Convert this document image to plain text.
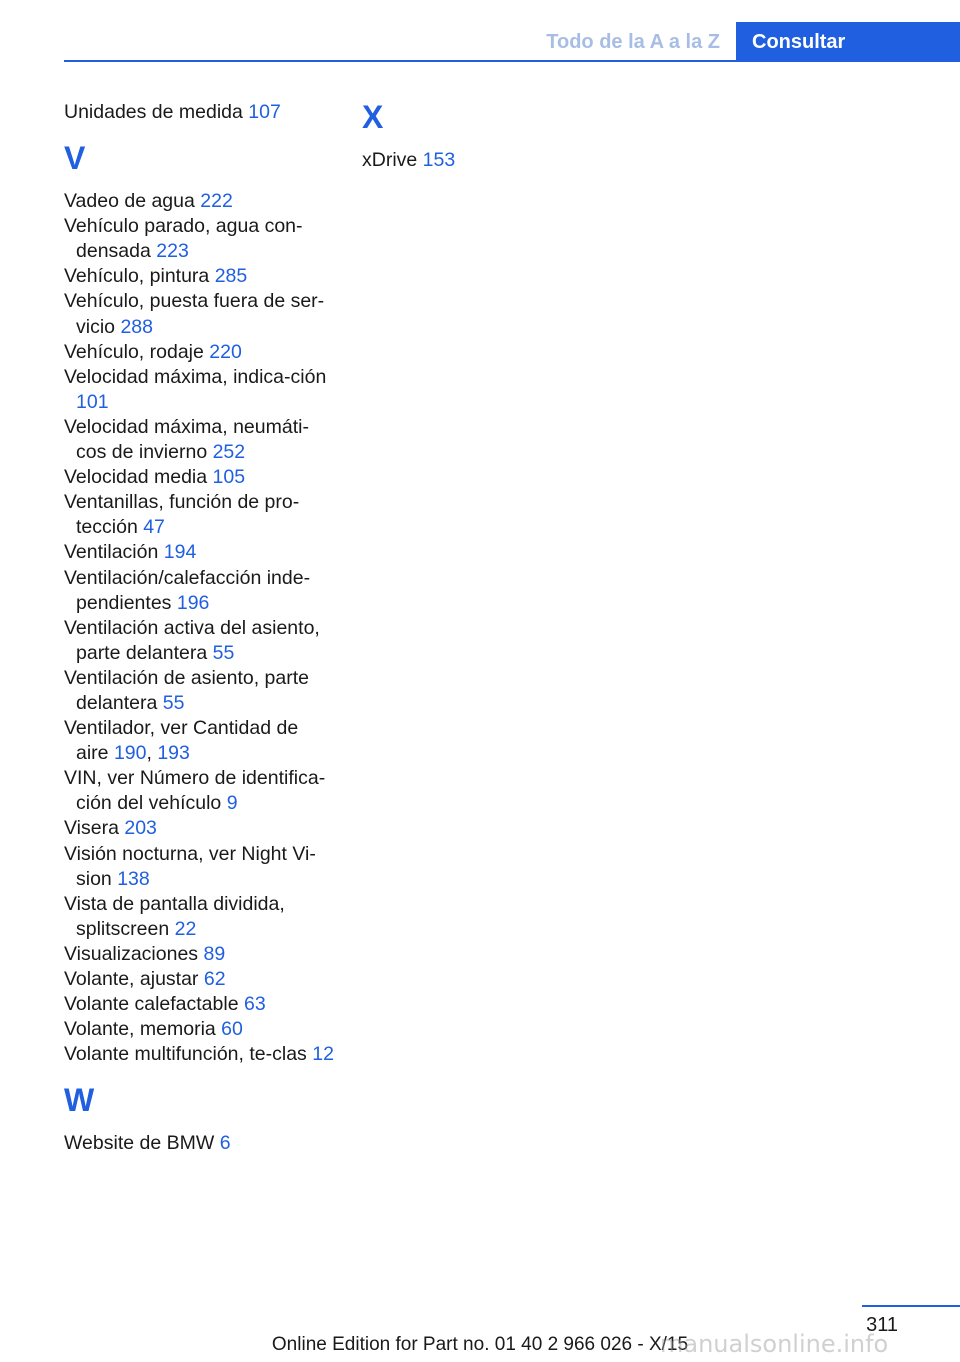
Todo de la A a la Z	Consultar
Unidades de medida 107
V
Vadeo de agua 222
Vehículo parado, agua con‐densada 223
Vehículo, pintura 285
Vehículo, puesta fuera de ser‐vicio 288
Vehículo, rodaje 220
Velocidad máxima, indica‐ción 101
Velocidad máxima, neumáti‐cos de invierno 252
Velocidad media 105
Ventanillas, función de pro‐tección 47
Ventilación 194
Ventilación/calefacción inde‐pendientes 196
Ventilación activa del asiento, parte delantera 55
Ventilación de asiento, parte delantera 55
Ventilador, ver Cantidad de aire 190, 193
VIN, ver Número de identifica‐ción del vehículo 9
Visera 203
Visión nocturna, ver Night Vi‐sion 138
Vista de pantalla dividida, splitscreen 22
Visualizaciones 89
Volante, ajustar 62
Volante calefactable 63
Volante, memoria 60
Volante multifunción, te‐clas 12
W
Website de BMW 6
X
xDrive 153
311
Online Edition for Part no. 01 40 2 966 026 - X/15
manualsonline.info
